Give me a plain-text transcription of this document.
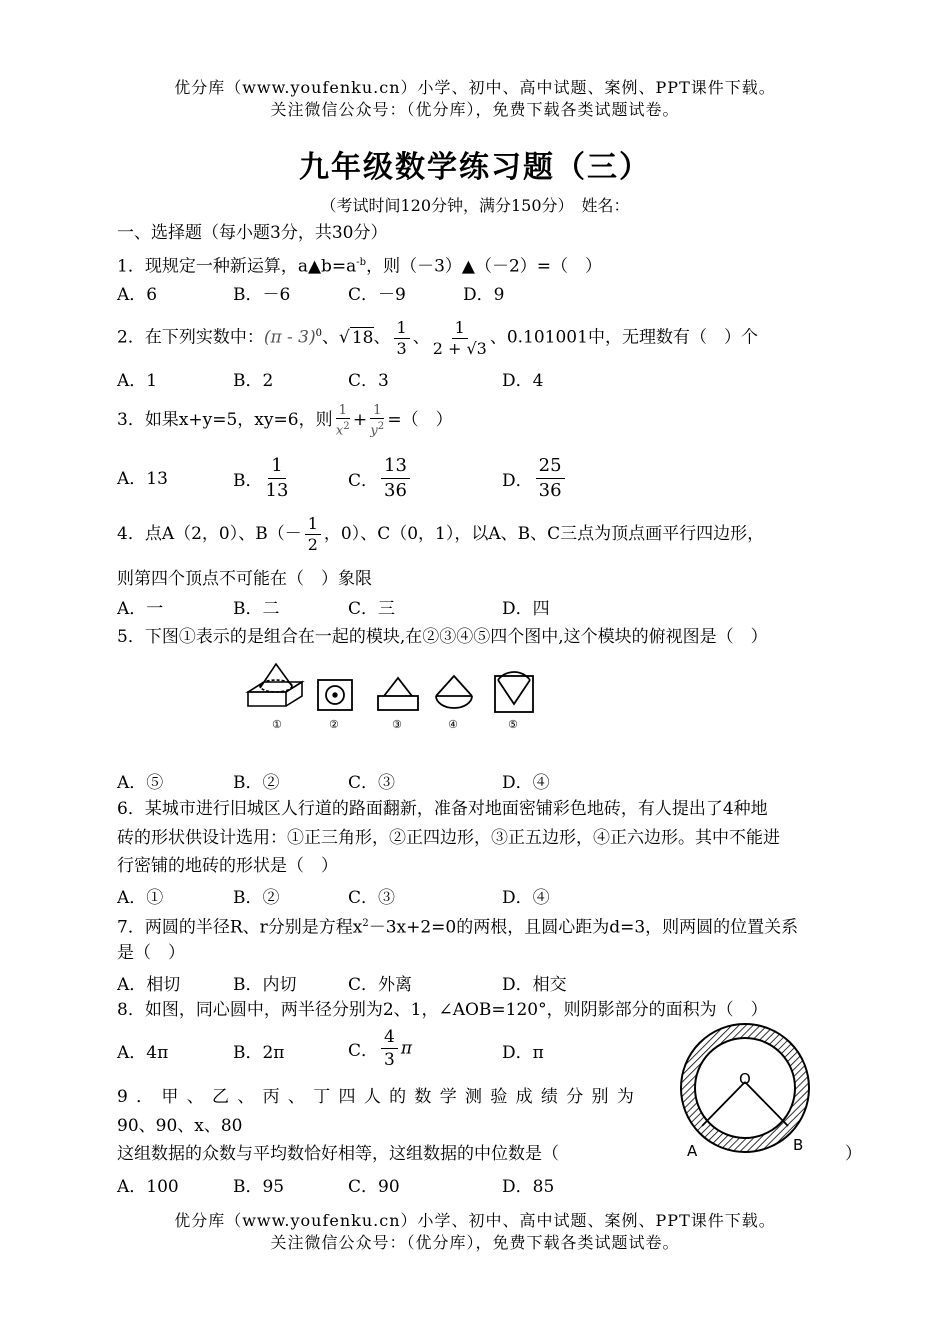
优分库（www.youfenku.cn）小学、初中、高中试题、案例、PPT课件下载。
关注微信公众号：（优分库），免费下载各类试题试卷。
九年级数学练习题（三）
（考试时间120分钟，满分150分）　姓名：
一、选择题（每小题3分，共30分）
1．现规定一种新运算，$a▲b=a^{-b}$，则（－3）▲（－2）=（　）
A．6	B．－6	C．－9	D．9
2．在下列实数中：(π - 3)$^0$、√ 18、 $\frac{1}{3}$ 、 $\frac{1}{2 + √3}$ 、0.101001中，无理数有（　）个
A．1	B．2	C．3	D．4
3．如果x+y=5，xy=6，则 $\frac{1}{x^2} + \frac{1}{y^2}$ =（　）
A．13	B． $\frac{1}{13}$	C． $\frac{13}{36}$	D． $\frac{25}{36}$
4．点A（2，0）、$B(- \frac{1}{2}$ ，0）、C（0，1），以A、B、C三点为顶点画平行四边形，
则第四个顶点不可能在（　）象限
A．一	B．二	C．三	D．四
5．下图①表示的是组合在一起的模块,在②③④⑤四个图中,这个模块的俯视图是（　）
①	②	③	④	⑤
A．⑤	B．②	C．③	D．④
6．某城市进行旧城区人行道的路面翻新，准备对地面密铺彩色地砖，有人提出了4种地
砖的形状供设计选用：①正三角形，②正四边形，③正五边形，④正六边形。其中不能进
行密铺的地砖的形状是（　）
A．①	B．②	C．③	D．④
7．两圆的半径R、r分别是方程$x^2-3x+2=0$的两根，且圆心距为d=3，则两圆的位置关系
是（　）
A．相切	B．内切	C．外离	D．相交
8．如图，同心圆中，两半径分别为2、1，∠AOB=120°，则阴影部分的面积为（　）
A．4π	B．2π	C． $\frac{4}{3}$ π	D．π
O
A	B
9．甲、乙、丙、丁四人的数学测验成绩分别为
90、90、x、80
这组数据的众数与平均数恰好相等，这组数据的中位数是（	）
A．100	B．95	C．90	D．85
优分库（www.youfenku.cn）小学、初中、高中试题、案例、PPT课件下载。
关注微信公众号：（优分库），免费下载各类试题试卷。
